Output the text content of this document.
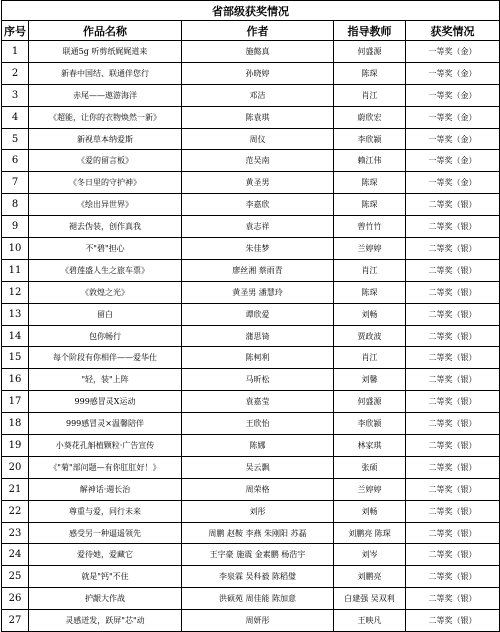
省部级获奖情况				
序号	作品名称	作者	指导教师	获奖情况
1	联通5g 听剪纸娓娓道来	施懿真	何盛源	一等奖（金）
2	新春中国结、联通伴您行	孙晓婷	陈琛	一等奖（金）
3	赤尾——遨游海洋	邓洁	肖江	一等奖（金）
4	《超能，让你的衣物焕然一新》	陈袁琪	蔚欣宏	一等奖（金）
5	新视草本纳爱斯	周仪	李欣颍	一等奖（金）
6	《爱的留言板》	范吴南	赖江伟	一等奖（金）
7	《冬日里的守护神》	黄圣男	陈琛	一等奖（金）
8	《绘出异世界》	李嘉欣	陈琛	二等奖（银）
9	褪去伪装，创作真我	袁志祥	曾竹竹	二等奖（银）
10	不"碧"担心	朱佳梦	兰婷婷	二等奖（银）
11	《碧莲盛人生之旅车票》	廖丝湘 蔡雨青	肖江	二等奖（银）
12	《敦煌之光》	黄圣男 潘慧玲	陈琛	二等奖（银）
13	留白	谭欣爱	刘畅	二等奖（银）
14	包你畅行	蒲思锜	贾政波	二等奖（银）
15	每个阶段有你相伴——爱华仕	陈柯利	肖江	二等奖（银）
16	"轻，装"上阵	马昕松	刘馨	二等奖（银）
17	999感冒灵X运动	袁嘉莹	何盛源	二等奖（银）
18	999感冒灵×温馨陪伴	王欣怡	李欣颍	二等奖（银）
19	小葵花孔斛植颗粒·广告宣传	陈娜	林家琪	二等奖（银）
20	《"菊"部问题—有你肛肛好！》	吴云飘	张硕	二等奖（银）
21	解神话·週长治	周荣格	兰婷婷	二等奖（银）
22	尊重与爱，同行未来	刘彤	刘畅	二等奖（银）
23	感受另一种逼遥领先	周鹏 赵鞍 李燕 朱刚阳 苏磊	刘鹏亮 陈琛	二等奖（银）
24	爱待她，爱藏它	王字豪 施震 金素鹏 杨浩宇	刘岑	二等奖（银）
25	就是"钙"不住	李泉霖 吴科毅 陈稻璧	刘鹏亮	二等奖（银）
26	护龈大作战	洪硕苑 周佳能 陈加意	白建强 吴双利	二等奖（银）
27	灵感迸发，跃屏"芯"动	周妍彤	王映凡	二等奖（银）
